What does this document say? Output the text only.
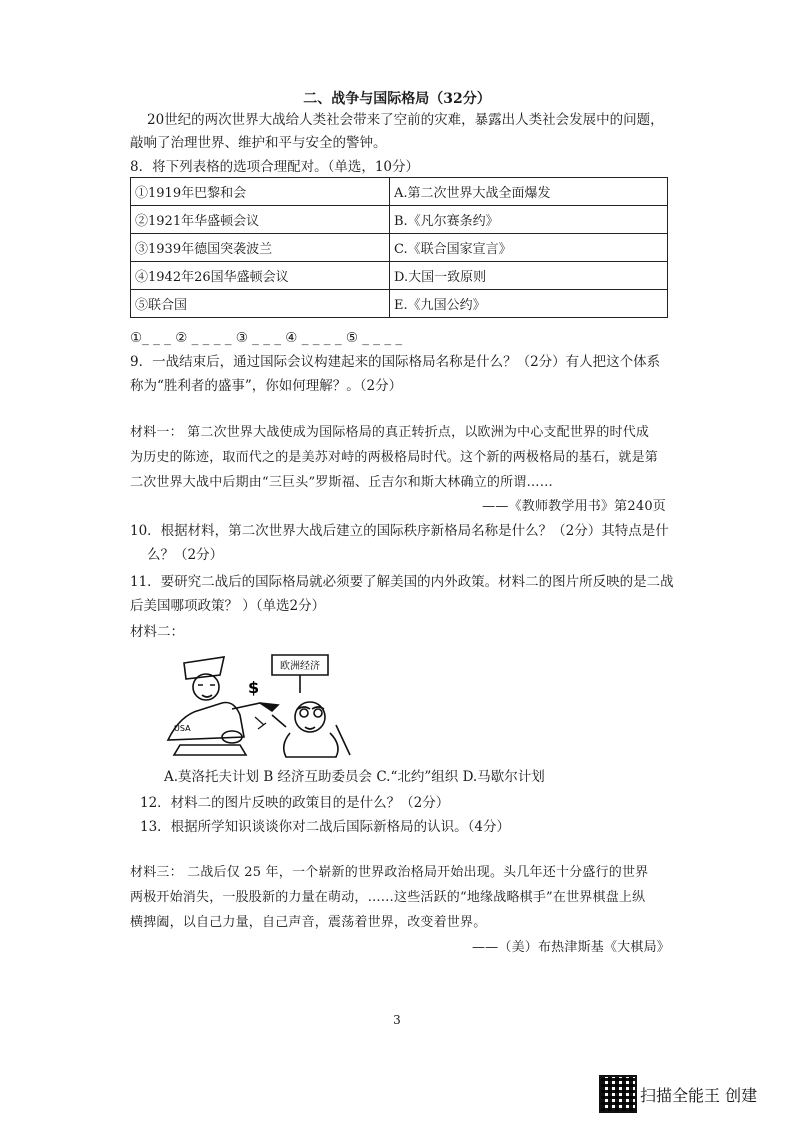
二、战争与国际格局（32分）
20世纪的两次世界大战给人类社会带来了空前的灾难，暴露出人类社会发展中的问题，
敲响了治理世界、维护和平与安全的警钟。
8．将下列表格的选项合理配对。（单选，10分）
①1919年巴黎和会	A.第二次世界大战全面爆发
②1921年华盛顿会议	B.《凡尔赛条约》
③1939年德国突袭波兰	C.《联合国家宣言》
④1942年26国华盛顿会议	D.大国一致原则
⑤联合国	E.《九国公约》
①_ _ _ ② _ _ _ _ ③ _ _ _ ④ _ _ _ _ ⑤ _ _ _ _
9．一战结束后，通过国际会议构建起来的国际格局名称是什么？（2分）有人把这个体系
称为“胜利者的盛事”，你如何理解？。（2分）
材料一： 第二次世界大战使成为国际格局的真正转折点，以欧洲为中心支配世界的时代成
为历史的陈迹，取而代之的是美苏对峙的两极格局时代。这个新的两极格局的基石，就是第
二次世界大战中后期由“三巨头”罗斯福、丘吉尔和斯大林确立的所谓……
——《教师教学用书》第240页
10．根据材料，第二次世界大战后建立的国际秩序新格局名称是什么？（2分）其特点是什
么？（2分）
11．要研究二战后的国际格局就必须要了解美国的内外政策。材料二的图片所反映的是二战
后美国哪项政策？ ）（单选2分）
材料二：
欧洲经济
USA
$
A.莫洛托夫计划 B 经济互助委员会 C.“北约”组织 D.马歇尔计划
12．材料二的图片反映的政策目的是什么？（2分）
13．根据所学知识谈谈你对二战后国际新格局的认识。（4分）
材料三： 二战后仅 25 年，一个崭新的世界政治格局开始出现。头几年还十分盛行的世界
两极开始消失，一股股新的力量在萌动，……这些活跃的“地缘战略棋手”在世界棋盘上纵
横捭阖，以自己力量，自己声音，震荡着世界，改变着世界。
——（美）布热津斯基《大棋局》
3
扫描全能王 创建
